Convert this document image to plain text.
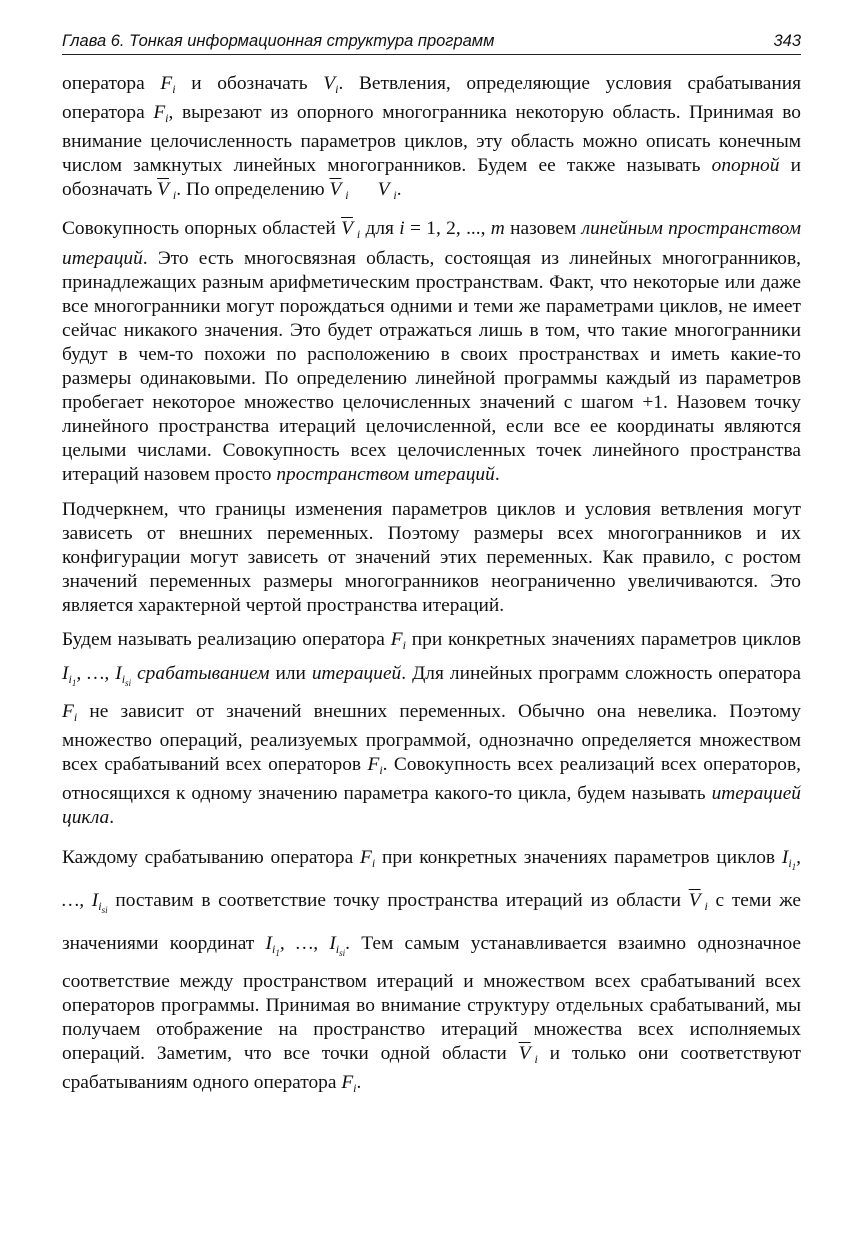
Глава 6. Тонкая информационная структура программ	343

оператора $F_i$ и обозначать $V_i$. Ветвления, определяющие условия срабатывания оператора $F_i$, вырезают из опорного многогранника некоторую область. Принимая во внимание целочисленность параметров циклов, эту область можно описать конечным числом замкнутых линейных многогранников. Будем ее также называть опорной и обозначать $\overline{V}$  $_i$. По определению $\overline{V}$  $_i$ V  $_i$.

Совокупность опорных областей $\overline{V}$  $_i$ для i = 1, 2, ..., m назовем линейным пространством итераций. Это есть многосвязная область, состоящая из линейных многогранников, принадлежащих разным арифметическим пространствам. Факт, что некоторые или даже все многогранники могут порождаться одними и теми же параметрами циклов, не имеет сейчас никакого значения. Это будет отражаться лишь в том, что такие многогранники будут в чем-то похожи по расположению в своих пространствах и иметь какие-то размеры одинаковыми. По определению линейной программы каждый из параметров пробегает некоторое множество целочисленных значений с шагом +1. Назовем точку линейного пространства итераций целочисленной, если все ее координаты являются целыми числами. Совокупность всех целочисленных точек линейного пространства итераций назовем просто пространством итераций.

Подчеркнем, что границы изменения параметров циклов и условия ветвления могут зависеть от внешних переменных. Поэтому размеры всех многогранников и их конфигурации могут зависеть от значений этих переменных. Как правило, с ростом значений переменных размеры многогранников неограниченно увеличиваются. Это является характерной чертой пространства итераций.

Будем называть реализацию оператора $F_i$ при конкретных значениях параметров циклов $I_{i_1}$, …, $I_{i_{si}}$ срабатыванием или итерацией. Для линейных программ сложность оператора $F_i$ не зависит от значений внешних переменных. Обычно она невелика. Поэтому множество операций, реализуемых программой, однозначно определяется множеством всех срабатываний всех операторов $F_i$. Совокупность всех реализаций всех операторов, относящихся к одному значению параметра какого-то цикла, будем называть итерацией цикла.

Каждому срабатыванию оператора $F_i$ при конкретных значениях параметров циклов $I_{i_1}$, …, $I_{i_{si}}$ поставим в соответствие точку пространства итераций из области $\overline{V}$  $_i$ с теми же значениями координат $I_{i_1}$, …, $I_{i_{si}}$. Тем самым устанавливается взаимно однозначное соответствие между пространством итераций и множеством всех срабатываний всех операторов программы. Принимая во внимание структуру отдельных срабатываний, мы получаем отображение на пространство итераций множества всех исполняемых операций. Заметим, что все точки одной области $\overline{V}$  $_i$ и только они соответствуют срабатываниям одного оператора $F_i$.
